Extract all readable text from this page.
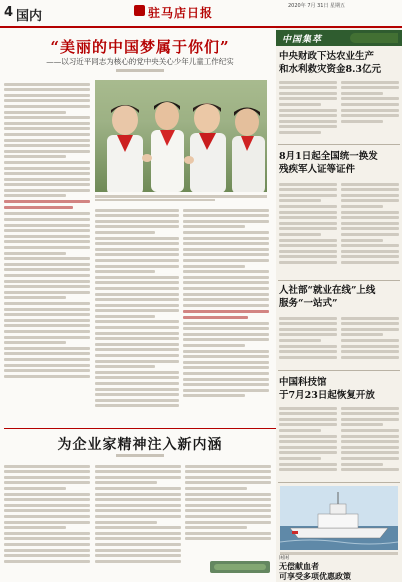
4 国内	驻马店日报	2020年 7月 31日 星期五
“美丽的中国梦属于你们”
——以习近平同志为核心的党中央关心少年儿童工作纪实
为企业家精神注入新内涵
中国集萃
中央财政下达农业生产
和水利救灾资金8.3亿元
8月1日起全国统一换发
残疾军人证等证件
人社部“就业在线”上线
服务“一站式”
中国科技馆
于7月23日起恢复开放
闲闲
无偿献血者
可享受多项优惠政策
